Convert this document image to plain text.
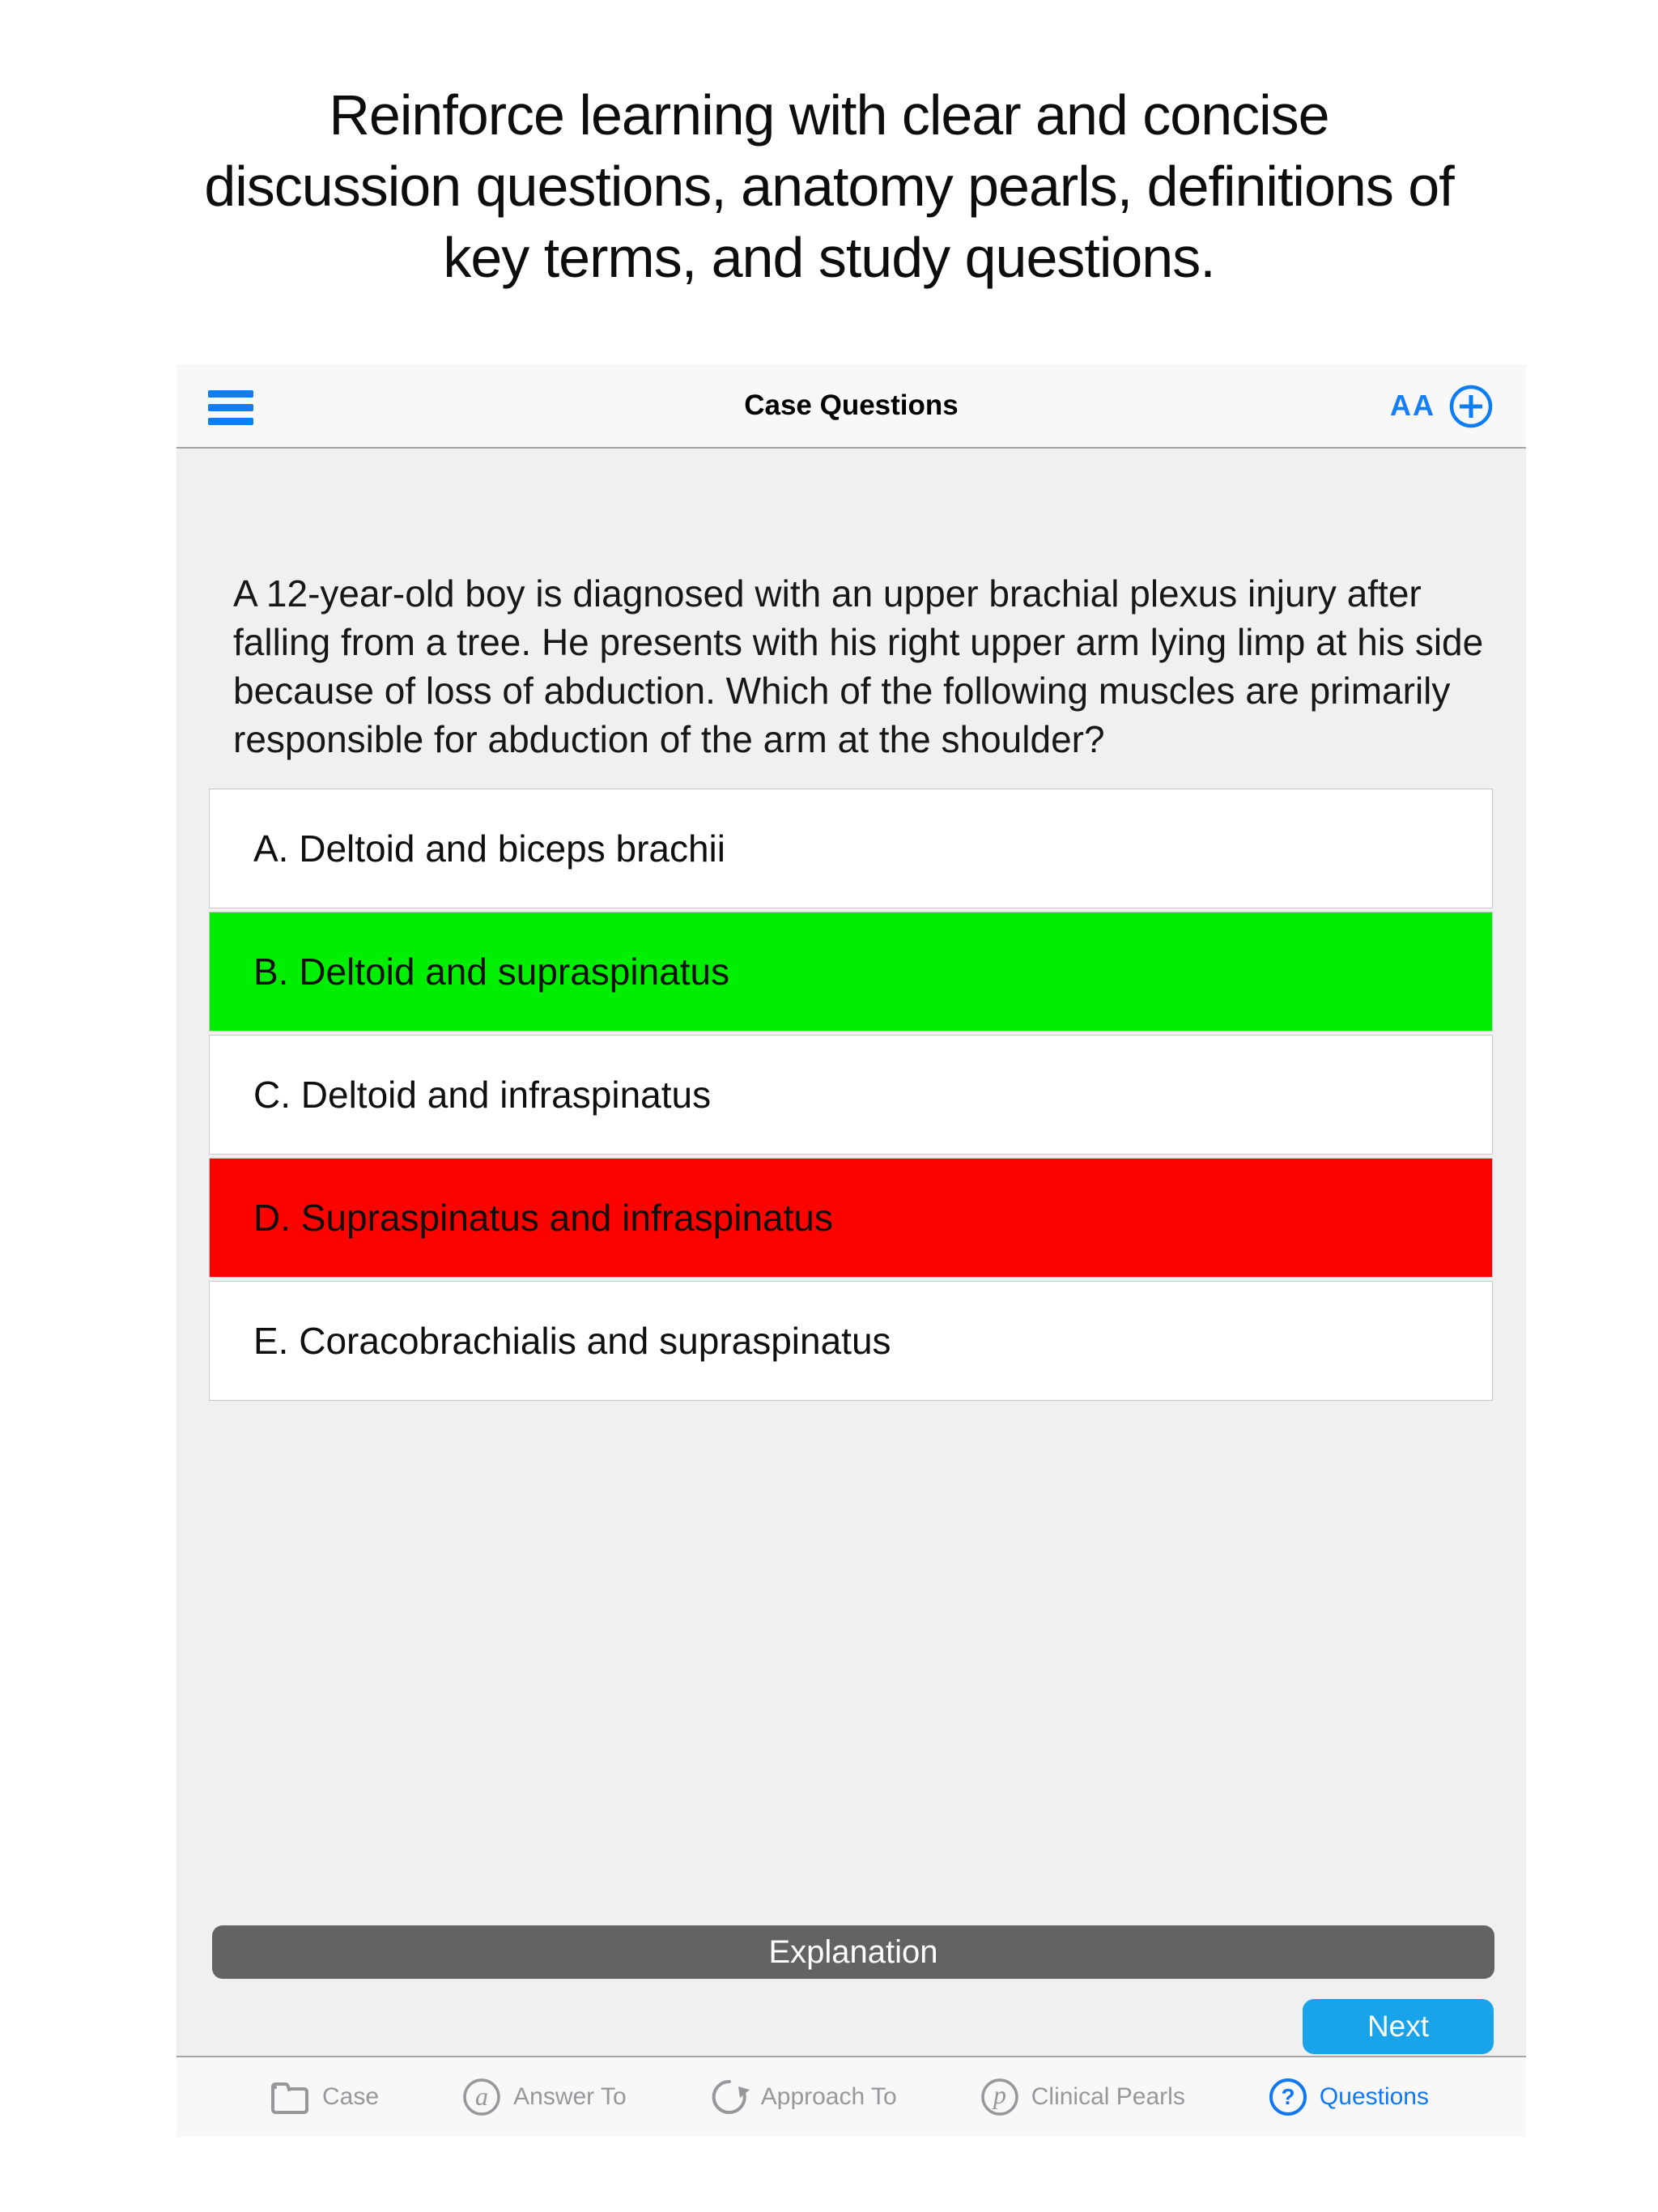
Reinforce learning with clear and concise discussion questions, anatomy pearls, definitions of key terms, and study questions.
Case Questions	AA
A 12-year-old boy is diagnosed with an upper brachial plexus injury after falling from a tree. He presents with his right upper arm lying limp at his side because of loss of abduction. Which of the following muscles are primarily responsible for abduction of the arm at the shoulder?
A. Deltoid and biceps brachii
B. Deltoid and supraspinatus
C. Deltoid and infraspinatus
D. Supraspinatus and infraspinatus
E. Coracobrachialis and supraspinatus
Explanation
Next
Case	a Answer To	Approach To	p Clinical Pearls	? Questions
